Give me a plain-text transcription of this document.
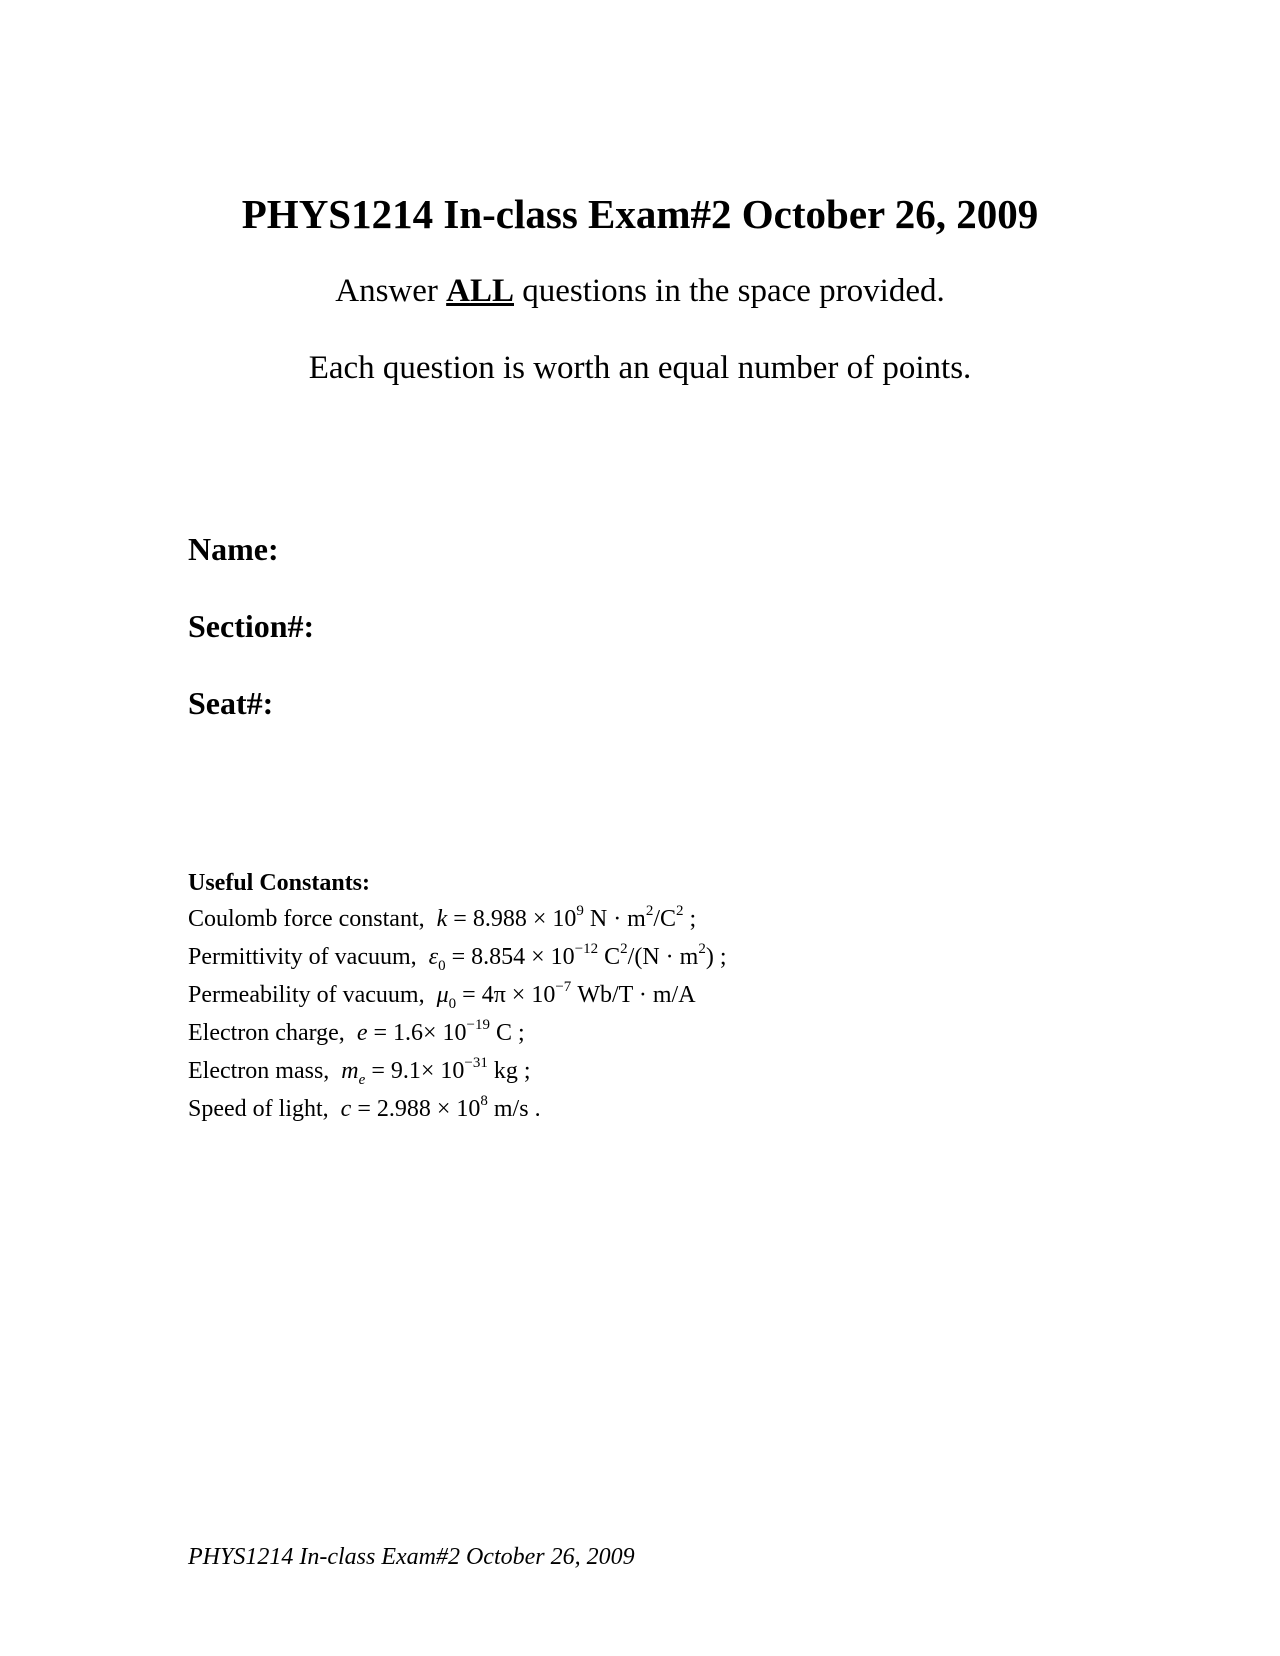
PHYS1214 In-class Exam#2 October 26, 2009
Answer ALL questions in the space provided.
Each question is worth an equal number of points.
Name:
Section#:
Seat#:
Useful Constants:
Coulomb force constant, $k = 8.988 \times 10^9$ $N \cdot m^2/C^2$ ;
Permittivity of vacuum, $\varepsilon_0 = 8.854 \times 10^{-12}$ $C^2/(N \cdot m^2)$ ;
Permeability of vacuum, $\mu_0 = 4\pi \times 10^{-7}$ Wb/T · m/A
Electron charge, $e = 1.6\times 10^{-19}$ C ;
Electron mass, $m_e = 9.1\times 10^{-31}$ kg ;
Speed of light, $c = 2.988 \times 10^8$ m/s .
PHYS1214 In-class Exam#2 October 26, 2009
